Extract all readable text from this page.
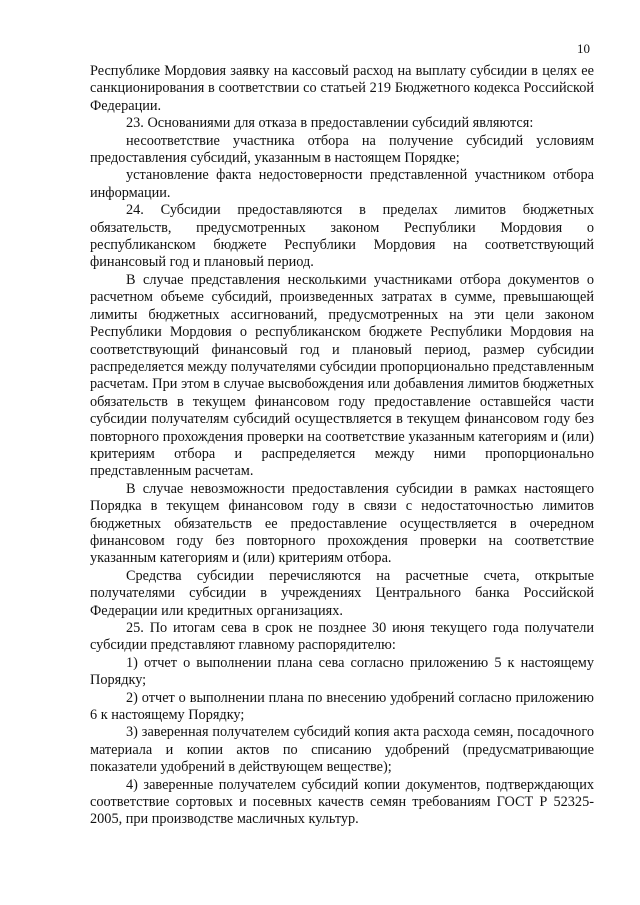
10

Республике Мордовия заявку на кассовый расход на выплату субсидии в целях ее санкционирования в соответствии со статьей 219 Бюджетного кодекса Российской Федерации.

23. Основаниями для отказа в предоставлении субсидий являются:

несоответствие участника отбора на получение субсидий условиям предоставления субсидий, указанным в настоящем Порядке;

установление факта недостоверности представленной участником отбора информации.

24. Субсидии предоставляются в пределах лимитов бюджетных обязательств, предусмотренных законом Республики Мордовия о республиканском бюджете Республики Мордовия на соответствующий финансовый год и плановый период.

В случае представления несколькими участниками отбора документов о расчетном объеме субсидий, произведенных затратах в сумме, превышающей лимиты бюджетных ассигнований, предусмотренных на эти цели законом Республики Мордовия о республиканском бюджете Республики Мордовия на соответствующий финансовый год и плановый период, размер субсидии распределяется между получателями субсидии пропорционально представленным расчетам. При этом в случае высвобождения или добавления лимитов бюджетных обязательств в текущем финансовом году предоставление оставшейся части субсидии получателям субсидий осуществляется в текущем финансовом году без повторного прохождения проверки на соответствие указанным категориям и (или) критериям отбора и распределяется между ними пропорционально представленным расчетам.

В случае невозможности предоставления субсидии в рамках настоящего Порядка в текущем финансовом году в связи с недостаточностью лимитов бюджетных обязательств ее предоставление осуществляется в очередном финансовом году без повторного прохождения проверки на соответствие указанным категориям и (или) критериям отбора.

Средства субсидии перечисляются на расчетные счета, открытые получателями субсидии в учреждениях Центрального банка Российской Федерации или кредитных организациях.

25. По итогам сева в срок не позднее 30 июня текущего года получатели субсидии представляют главному распорядителю:

1) отчет о выполнении плана сева согласно приложению 5 к настоящему Порядку;

2) отчет о выполнении плана по внесению удобрений согласно приложению 6 к настоящему Порядку;

3) заверенная получателем субсидий копия акта расхода семян, посадочного материала и копии актов по списанию удобрений (предусматривающие показатели удобрений в действующем веществе);

4) заверенные получателем субсидий копии документов, подтверждающих соответствие сортовых и посевных качеств семян требованиям ГОСТ Р 52325-2005, при производстве масличных культур.
